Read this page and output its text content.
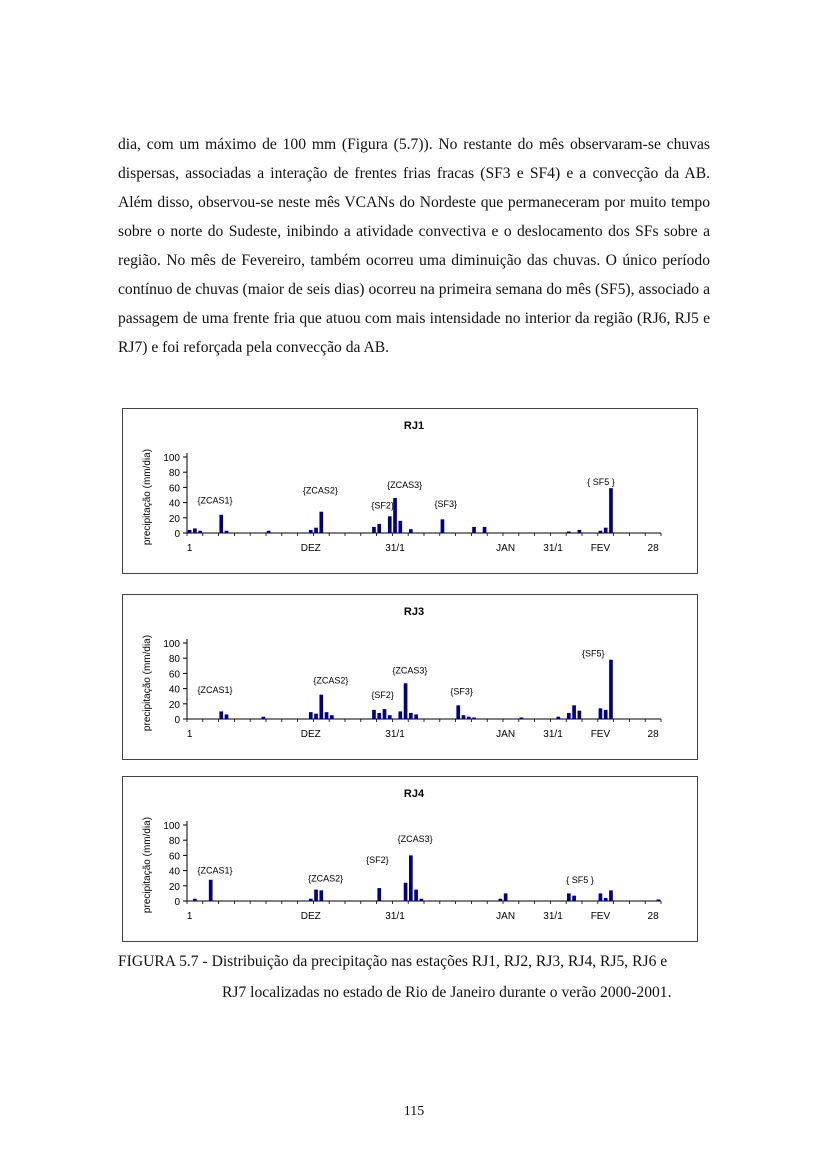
dia, com um máximo de 100 mm (Figura (5.7)). No restante do mês observaram-se chuvas dispersas, associadas a interação de frentes frias fracas (SF3 e SF4) e a convecção da AB. Além disso, observou-se neste mês VCANs do Nordeste que permaneceram por muito tempo sobre o norte do Sudeste, inibindo a atividade convectiva e o deslocamento dos SFs sobre a região. No mês de Fevereiro, também ocorreu uma diminuição das chuvas. O único período contínuo de chuvas (maior de seis dias) ocorreu na primeira semana do mês (SF5), associado a passagem de uma frente fria que atuou com mais intensidade no interior da região (RJ6, RJ5 e RJ7) e foi reforçada pela convecção da AB.

RJ1
precipitação (mm/dia) 0
20
40
60
80
100
1	DEZ	31/1	JAN	31/1	FEV	28
{ZCAS1}
{ZCAS2}
{SF2}
{ZCAS3}
{SF3}
{ SF5 }
RJ3
precipitação (mm/dia) 0
20
40
60
80
100
1	DEZ	31/1	JAN	31/1	FEV	28
{ZCAS1}
{ZCAS2}
{SF2}
{ZCAS3}
{SF3}
{SF5}
RJ4
precipitação (mm/dia) 0
20
40
60
80
100
1	DEZ	31/1	JAN	31/1	FEV	28
{ZCAS1}
{ZCAS2}
{SF2}
{ZCAS3}
{ SF5 }

FIGURA 5.7 - Distribuição da precipitação nas estações RJ1, RJ2, RJ3, RJ4, RJ5, RJ6 e

RJ7 localizadas no estado de Rio de Janeiro durante o verão 2000-2001.

115
